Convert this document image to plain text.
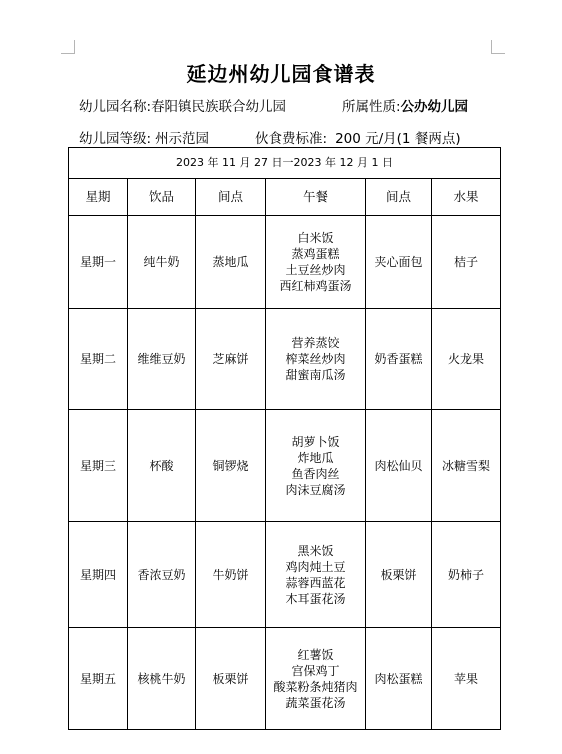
延边州幼儿园食谱表
幼儿园名称:春阳镇民族联合幼儿园	所属性质:公办幼儿园
幼儿园等级: 州示范园	伙食费标准: 200 元/月(1 餐两点)
2023 年 11 月 27 日一2023 年 12 月 1 日					
星期	饮品	间点	午餐	间点	水果
星期一	纯牛奶	蒸地瓜	白米饭
蒸鸡蛋糕
土豆丝炒肉
西红柿鸡蛋汤	夹心面包	桔子
星期二	维维豆奶	芝麻饼	营养蒸饺
榨菜丝炒肉
甜蜜南瓜汤	奶香蛋糕	火龙果
星期三	杯酸	铜锣烧	胡萝卜饭
炸地瓜
鱼香肉丝
肉沫豆腐汤	肉松仙贝	冰糖雪梨
星期四	香浓豆奶	牛奶饼	黑米饭
鸡肉炖土豆
蒜蓉西蓝花
木耳蛋花汤	板栗饼	奶柿子
星期五	核桃牛奶	板栗饼	红薯饭
宫保鸡丁
酸菜粉条炖猪肉
蔬菜蛋花汤	肉松蛋糕	苹果
